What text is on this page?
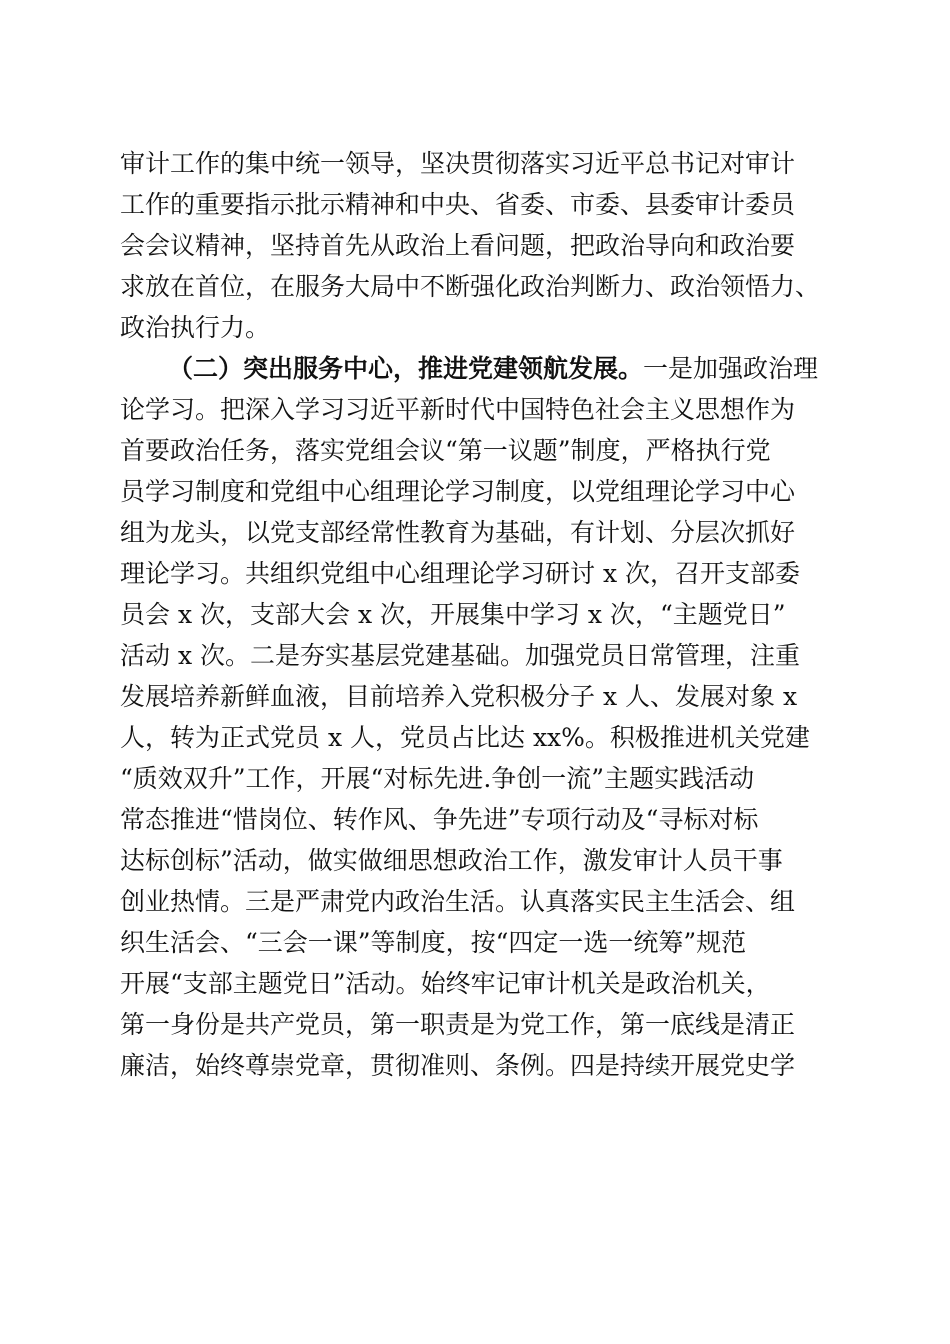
审计工作的集中统一领导，坚决贯彻落实习近平总书记对审计
工作的重要指示批示精神和中央、省委、市委、县委审计委员
会会议精神，坚持首先从政治上看问题，把政治导向和政治要
求放在首位，在服务大局中不断强化政治判断力、政治领悟力、
政治执行力。
（二）突出服务中心，推进党建领航发展。一是加强政治理
论学习。把深入学习习近平新时代中国特色社会主义思想作为
首要政治任务，落实党组会议“第一议题”制度，严格执行党
员学习制度和党组中心组理论学习制度，以党组理论学习中心
组为龙头，以党支部经常性教育为基础，有计划、分层次抓好
理论学习。共组织党组中心组理论学习研讨 x 次，召开支部委
员会 x 次，支部大会 x 次，开展集中学习 x 次，“主题党日”
活动 x 次。二是夯实基层党建基础。加强党员日常管理，注重
发展培养新鲜血液，目前培养入党积极分子 x 人、发展对象 x
人，转为正式党员 x 人，党员占比达 xx%。积极推进机关党建
“质效双升”工作，开展“对标先进.争创一流”主题实践活动
常态推进“惜岗位、转作风、争先进”专项行动及“寻标对标
达标创标”活动，做实做细思想政治工作，激发审计人员干事
创业热情。三是严肃党内政治生活。认真落实民主生活会、组
织生活会、“三会一课”等制度，按“四定一选一统筹”规范
开展“支部主题党日”活动。始终牢记审计机关是政治机关，
第一身份是共产党员，第一职责是为党工作，第一底线是清正
廉洁，始终尊崇党章，贯彻准则、条例。四是持续开展党史学
